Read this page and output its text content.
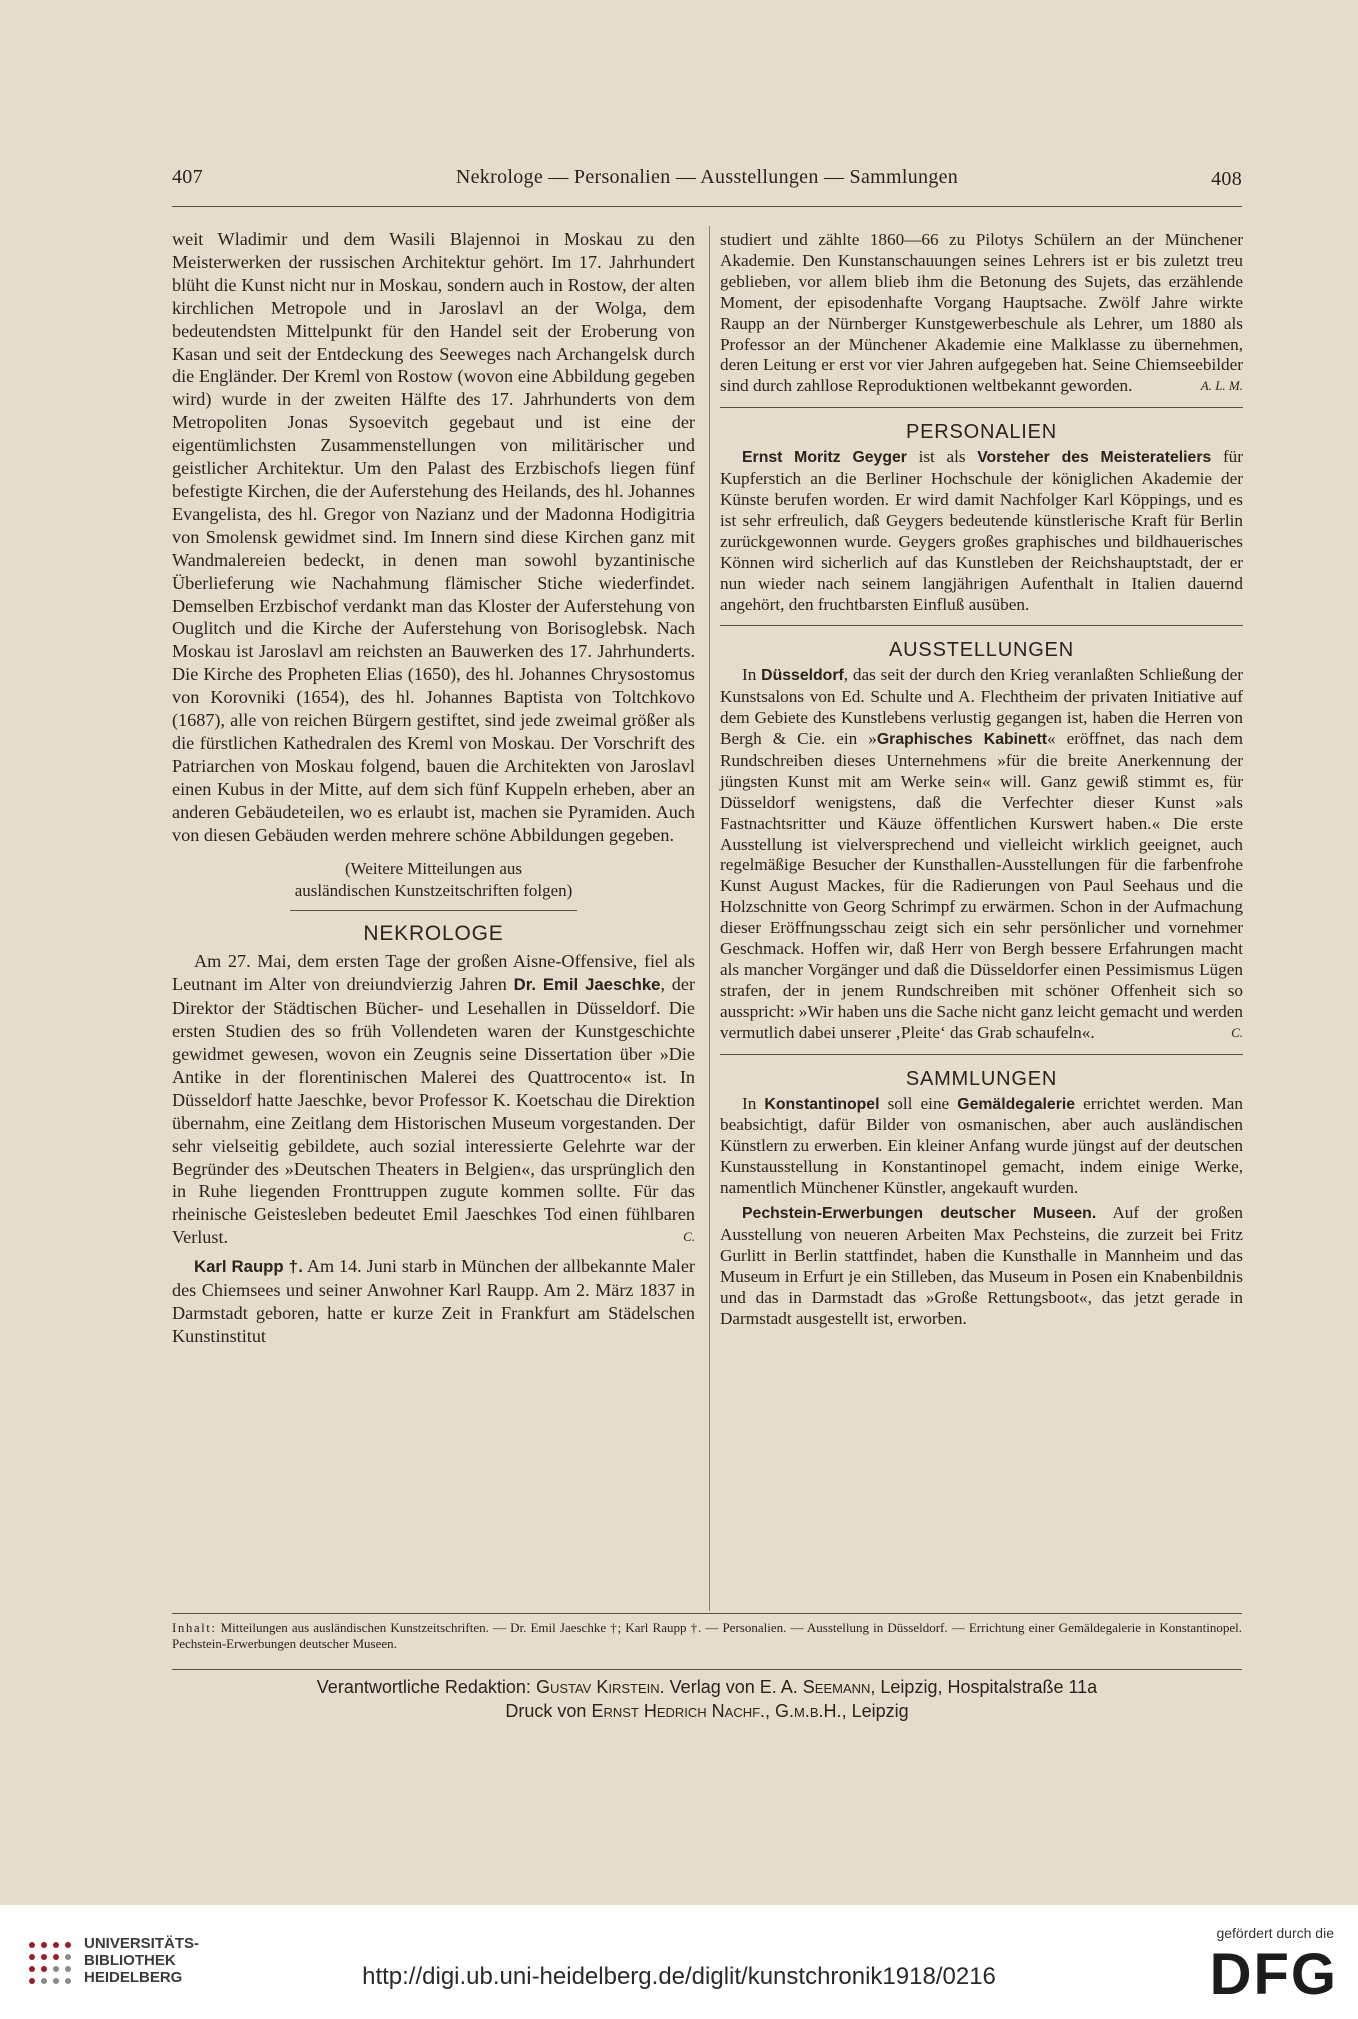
407	Nekrologe — Personalien — Ausstellungen — Sammlungen	408

weit Wladimir und dem Wasili Blajennoi in Moskau zu den Meisterwerken der russischen Architektur gehört. Im 17. Jahrhundert blüht die Kunst nicht nur in Moskau, sondern auch in Rostow, der alten kirchlichen Metropole und in Jaroslavl an der Wolga, dem bedeutendsten Mittelpunkt für den Handel seit der Eroberung von Kasan und seit der Entdeckung des Seeweges nach Archangelsk durch die Engländer. Der Kreml von Rostow (wovon eine Abbildung gegeben wird) wurde in der zweiten Hälfte des 17. Jahrhunderts von dem Metropoliten Jonas Sysoevitch gegebaut und ist eine der eigentümlichsten Zusammenstellungen von militärischer und geistlicher Architektur. Um den Palast des Erzbischofs liegen fünf befestigte Kirchen, die der Auferstehung des Heilands, des hl. Johannes Evangelista, des hl. Gregor von Nazianz und der Madonna Hodigitria von Smolensk gewidmet sind. Im Innern sind diese Kirchen ganz mit Wandmalereien bedeckt, in denen man sowohl byzantinische Überlieferung wie Nachahmung flämischer Stiche wiederfindet. Demselben Erzbischof verdankt man das Kloster der Auferstehung von Ouglitch und die Kirche der Auferstehung von Borisoglebsk. Nach Moskau ist Jaroslavl am reichsten an Bauwerken des 17. Jahrhunderts. Die Kirche des Propheten Elias (1650), des hl. Johannes Chrysostomus von Korovniki (1654), des hl. Johannes Baptista von Toltchkovo (1687), alle von reichen Bürgern gestiftet, sind jede zweimal größer als die fürstlichen Kathedralen des Kreml von Moskau. Der Vorschrift des Patriarchen von Moskau folgend, bauen die Architekten von Jaroslavl einen Kubus in der Mitte, auf dem sich fünf Kuppeln erheben, aber an anderen Gebäudeteilen, wo es erlaubt ist, machen sie Pyramiden. Auch von diesen Gebäuden werden mehrere schöne Abbildungen gegeben.

(Weitere Mitteilungen aus
ausländischen Kunstzeitschriften folgen)
NEKROLOGE

Am 27. Mai, dem ersten Tage der großen Aisne-Offensive, fiel als Leutnant im Alter von dreiundvierzig Jahren Dr. Emil Jaeschke, der Direktor der Städtischen Bücher- und Lesehallen in Düsseldorf. Die ersten Studien des so früh Vollendeten waren der Kunstgeschichte gewidmet gewesen, wovon ein Zeugnis seine Dissertation über »Die Antike in der florentinischen Malerei des Quattrocento« ist. In Düsseldorf hatte Jaeschke, bevor Professor K. Koetschau die Direktion übernahm, eine Zeitlang dem Historischen Museum vorgestanden. Der sehr vielseitig gebildete, auch sozial interessierte Gelehrte war der Begründer des »Deutschen Theaters in Belgien«, das ursprünglich den in Ruhe liegenden Fronttruppen zugute kommen sollte. Für das rheinische Geistesleben bedeutet Emil Jaeschkes Tod einen fühlbaren Verlust.	C.

Karl Raupp †. Am 14. Juni starb in München der allbekannte Maler des Chiemsees und seiner Anwohner Karl Raupp. Am 2. März 1837 in Darmstadt geboren, hatte er kurze Zeit in Frankfurt am Städelschen Kunstinstitut

studiert und zählte 1860—66 zu Pilotys Schülern an der Münchener Akademie. Den Kunstanschauungen seines Lehrers ist er bis zuletzt treu geblieben, vor allem blieb ihm die Betonung des Sujets, das erzählende Moment, der episodenhafte Vorgang Hauptsache. Zwölf Jahre wirkte Raupp an der Nürnberger Kunstgewerbeschule als Lehrer, um 1880 als Professor an der Münchener Akademie eine Malklasse zu übernehmen, deren Leitung er erst vor vier Jahren aufgegeben hat. Seine Chiemseebilder sind durch zahllose Reproduktionen weltbekannt geworden.	A. L. M.

PERSONALIEN

Ernst Moritz Geyger ist als Vorsteher des Meisterateliers für Kupferstich an die Berliner Hochschule der königlichen Akademie der Künste berufen worden. Er wird damit Nachfolger Karl Köppings, und es ist sehr erfreulich, daß Geygers bedeutende künstlerische Kraft für Berlin zurückgewonnen wurde. Geygers großes graphisches und bildhauerisches Können wird sicherlich auf das Kunstleben der Reichshauptstadt, der er nun wieder nach seinem langjährigen Aufenthalt in Italien dauernd angehört, den fruchtbarsten Einfluß ausüben.

AUSSTELLUNGEN

In Düsseldorf, das seit der durch den Krieg veranlaßten Schließung der Kunstsalons von Ed. Schulte und A. Flechtheim der privaten Initiative auf dem Gebiete des Kunstlebens verlustig gegangen ist, haben die Herren von Bergh & Cie. ein »Graphisches Kabinett« eröffnet, das nach dem Rundschreiben dieses Unternehmens »für die breite Anerkennung der jüngsten Kunst mit am Werke sein« will. Ganz gewiß stimmt es, für Düsseldorf wenigstens, daß die Verfechter dieser Kunst »als Fastnachtsritter und Käuze öffentlichen Kurswert haben.« Die erste Ausstellung ist vielversprechend und vielleicht wirklich geeignet, auch regelmäßige Besucher der Kunsthallen-Ausstellungen für die farbenfrohe Kunst August Mackes, für die Radierungen von Paul Seehaus und die Holzschnitte von Georg Schrimpf zu erwärmen. Schon in der Aufmachung dieser Eröffnungsschau zeigt sich ein sehr persönlicher und vornehmer Geschmack. Hoffen wir, daß Herr von Bergh bessere Erfahrungen macht als mancher Vorgänger und daß die Düsseldorfer einen Pessimismus Lügen strafen, der in jenem Rundschreiben mit schöner Offenheit sich so ausspricht: »Wir haben uns die Sache nicht ganz leicht gemacht und werden vermutlich dabei unserer ‚Pleite‘ das Grab schaufeln«.	C.

SAMMLUNGEN

In Konstantinopel soll eine Gemäldegalerie errichtet werden. Man beabsichtigt, dafür Bilder von osmanischen, aber auch ausländischen Künstlern zu erwerben. Ein kleiner Anfang wurde jüngst auf der deutschen Kunstausstellung in Konstantinopel gemacht, indem einige Werke, namentlich Münchener Künstler, angekauft wurden.

Pechstein-Erwerbungen deutscher Museen. Auf der großen Ausstellung von neueren Arbeiten Max Pechsteins, die zurzeit bei Fritz Gurlitt in Berlin stattfindet, haben die Kunsthalle in Mannheim und das Museum in Erfurt je ein Stilleben, das Museum in Posen ein Knabenbildnis und das in Darmstadt das »Große Rettungsboot«, das jetzt gerade in Darmstadt ausgestellt ist, erworben.

Inhalt: Mitteilungen aus ausländischen Kunstzeitschriften. — Dr. Emil Jaeschke †; Karl Raupp †. — Personalien. — Ausstellung in Düsseldorf. — Errichtung einer Gemäldegalerie in Konstantinopel. Pechstein-Erwerbungen deutscher Museen.
Verantwortliche Redaktion: Gustav Kirstein. Verlag von E. A. Seemann, Leipzig, Hospitalstraße 11a
Druck von Ernst Hedrich Nachf., G.m.b.H., Leipzig
UNIVERSITÄTS-
BIBLIOTHEK
HEIDELBERG	http://digi.ub.uni-heidelberg.de/diglit/kunstchronik1918/0216
gefördert durch die
DFG
